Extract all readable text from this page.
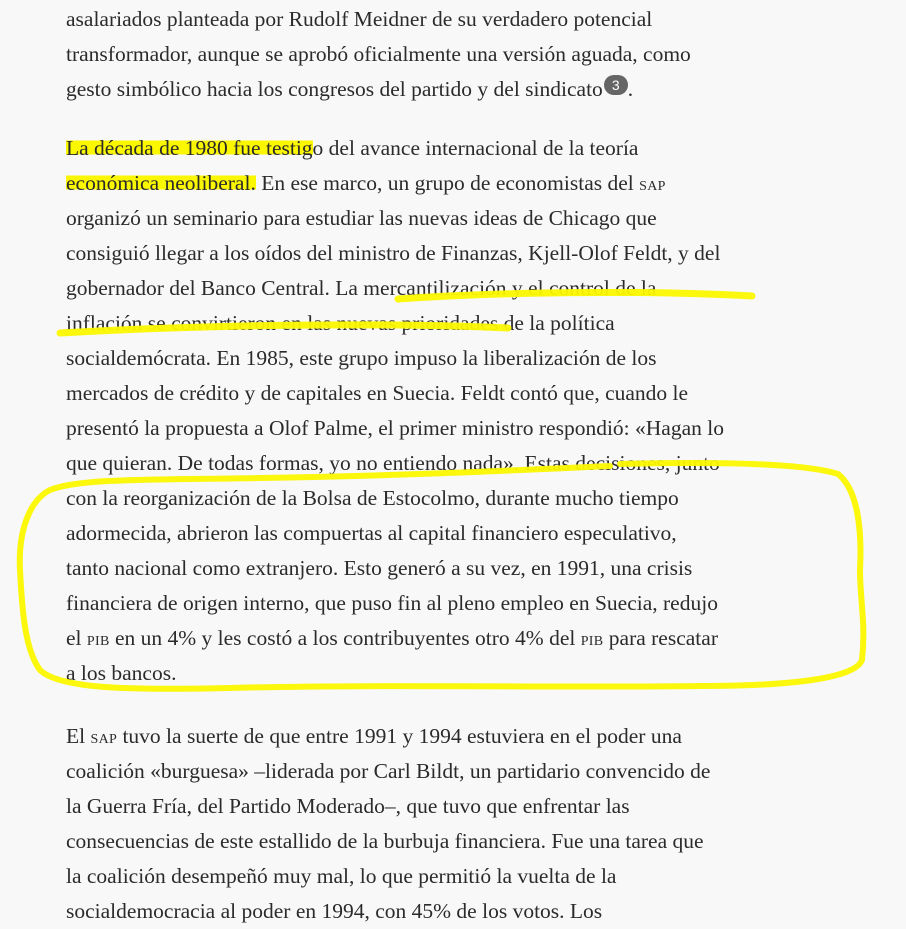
asalariados planteada por Rudolf Meidner de su verdadero potencial
transformador, aunque se aprobó oficialmente una versión aguada, como
gesto simbólico hacia los congresos del partido y del sindicato 3 .

La década de 1980 fue testigo del avance internacional de la teoría
económica neoliberal. En ese marco, un grupo de economistas del SAP
organizó un seminario para estudiar las nuevas ideas de Chicago que
consiguió llegar a los oídos del ministro de Finanzas, Kjell-Olof Feldt, y del
gobernador del Banco Central. La mercantilización y el control de la
inflación se convirtieron en las nuevas prioridades de la política
socialdemócrata. En 1985, este grupo impuso la liberalización de los
mercados de crédito y de capitales en Suecia. Feldt contó que, cuando le
presentó la propuesta a Olof Palme, el primer ministro respondió: «Hagan lo
que quieran. De todas formas, yo no entiendo nada». Estas decisiones, junto
con la reorganización de la Bolsa de Estocolmo, durante mucho tiempo
adormecida, abrieron las compuertas al capital financiero especulativo,
tanto nacional como extranjero. Esto generó a su vez, en 1991, una crisis
financiera de origen interno, que puso fin al pleno empleo en Suecia, redujo
el PIB en un 4% y les costó a los contribuyentes otro 4% del PIB para rescatar
a los bancos.

El SAP tuvo la suerte de que entre 1991 y 1994 estuviera en el poder una
coalición «burguesa» –liderada por Carl Bildt, un partidario convencido de
la Guerra Fría, del Partido Moderado–, que tuvo que enfrentar las
consecuencias de este estallido de la burbuja financiera. Fue una tarea que
la coalición desempeñó muy mal, lo que permitió la vuelta de la
socialdemocracia al poder en 1994, con 45% de los votos. Los
